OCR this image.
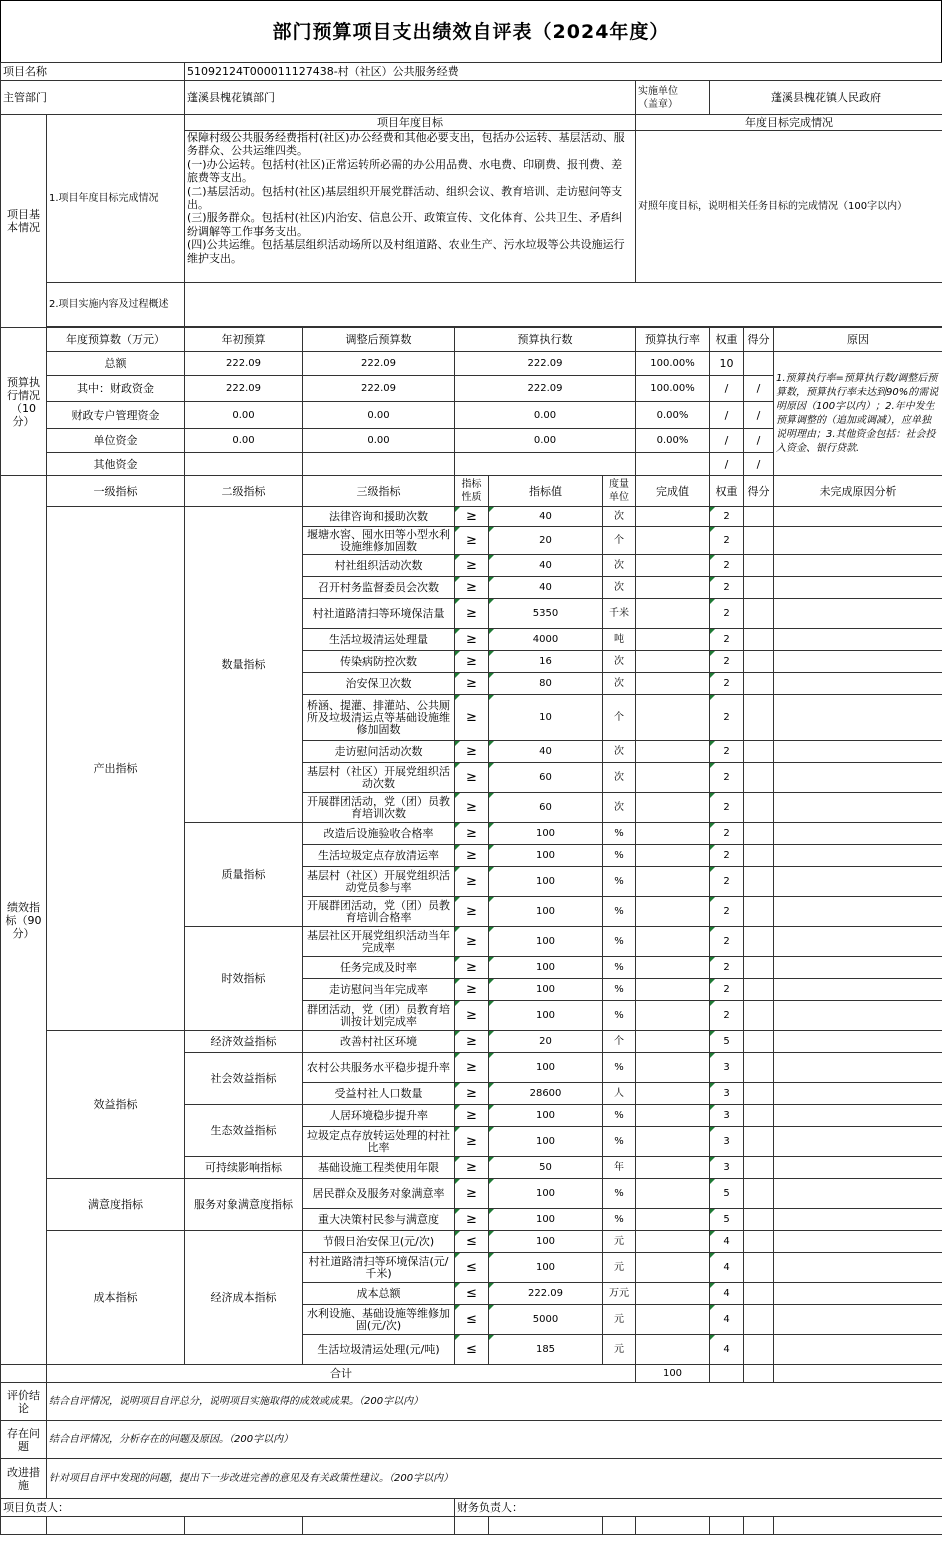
部门预算项目支出绩效自评表（2024年度）
项目名称		51092124T000011127438-村（社区）公共服务经费								
主管部门		蓬溪县槐花镇部门					实施单位
（盖章）	蓬溪县槐花镇人民政府		
项目基本情况	1.项目年度目标完成情况	项目年度目标					年度目标完成情况			
		保障村级公共服务经费指村(社区)办公经费和其他必要支出，包括办公运转、基层活动、服务群众、公共运维四类。
(一)办公运转。包括村(社区)正常运转所必需的办公用品费、水电费、印刷费、报刊费、差旅费等支出。
(二)基层活动。包括村(社区)基层组织开展党群活动、组织会议、教育培训、走访慰问等支出。
(三)服务群众。包括村(社区)内治安、信息公开、政策宣传、文化体育、公共卫生、矛盾纠纷调解等工作事务支出。
(四)公共运维。包括基层组织活动场所以及村组道路、农业生产、污水垃圾等公共设施运行维护支出。					对照年度目标，说明相关任务目标的完成情况（100字以内）			
	2.项目实施内容及过程概述									

预算执行情况（10分）	年度预算数（万元）	年初预算	调整后预算数	预算执行数			预算执行率	权重	得分	原因
	总额	222.09	222.09	222.09			100.00%	10		1.预算执行率=预算执行数/调整后预算数，预算执行率未达到90%的需说明原因（100字以内）；2.年中发生预算调整的（追加或调减），应单独说明理由；3.其他资金包括：社会投入资金、银行贷款.
	其中：财政资金	222.09	222.09	222.09			100.00%	/	/	
	财政专户管理资金	0.00	0.00	0.00			0.00%	/	/	
	单位资金	0.00	0.00	0.00			0.00%	/	/	
	其他资金							/	/	
绩效指标（90分）	一级指标	二级指标	三级指标	指标性质	指标值	度量单位	完成值	权重	得分	未完成原因分析
	产出指标	数量指标	法律咨询和援助次数	≥	40	次		2		
			堰塘水窖、囤水田等小型水利设施维修加固数	≥	20	个		2		
			村社组织活动次数	≥	40	次		2		
			召开村务监督委员会次数	≥	40	次		2		
			村社道路清扫等环境保洁量	≥	5350	千米		2		
			生活垃圾清运处理量	≥	4000	吨		2		
			传染病防控次数	≥	16	次		2		
			治安保卫次数	≥	80	次		2		
			桥涵、提灌、排灌站、公共厕所及垃圾清运点等基础设施维修加固数	≥	10	个		2		
			走访慰问活动次数	≥	40	次		2		
			基层村（社区）开展党组织活动次数	≥	60	次		2		
			开展群团活动，党（团）员教育培训次数	≥	60	次		2		
		质量指标	改造后设施验收合格率	≥	100	%		2		
			生活垃圾定点存放清运率	≥	100	%		2		
			基层村（社区）开展党组织活动党员参与率	≥	100	%		2		
			开展群团活动，党（团）员教育培训合格率	≥	100	%		2		
		时效指标	基层社区开展党组织活动当年完成率	≥	100	%		2		
			任务完成及时率	≥	100	%		2		
			走访慰问当年完成率	≥	100	%		2		
			群团活动，党（团）员教育培训按计划完成率	≥	100	%		2		
	效益指标	经济效益指标	改善村社区环境	≥	20	个		5		
		社会效益指标	农村公共服务水平稳步提升率	≥	100	%		3		
			受益村社人口数量	≥	28600	人		3		
		生态效益指标	人居环境稳步提升率	≥	100	%		3		
			垃圾定点存放转运处理的村社比率	≥	100	%		3		
		可持续影响指标	基础设施工程类使用年限	≥	50	年		3		
	满意度指标	服务对象满意度指标	居民群众及服务对象满意率	≥	100	%		5		
			重大决策村民参与满意度	≥	100	%		5		
	成本指标	经济成本指标	节假日治安保卫(元/次)	≤	100	元		4		
			村社道路清扫等环境保洁(元/千米)	≤	100	元		4		
			成本总额	≤	222.09	万元		4		
			水利设施、基础设施等维修加固(元/次)	≤	5000	元		4		
			生活垃圾清运处理(元/吨)	≤	185	元		4		
	合计						100			
评价结论	结合自评情况，说明项目自评总分，说明项目实施取得的成效或成果。（200字以内）									
存在问题	结合自评情况，分析存在的问题及原因。（200字以内）									
改进措施	针对项目自评中发现的问题，提出下一步改进完善的意见及有关政策性建议。（200字以内）									
项目负责人：				财务负责人：						
